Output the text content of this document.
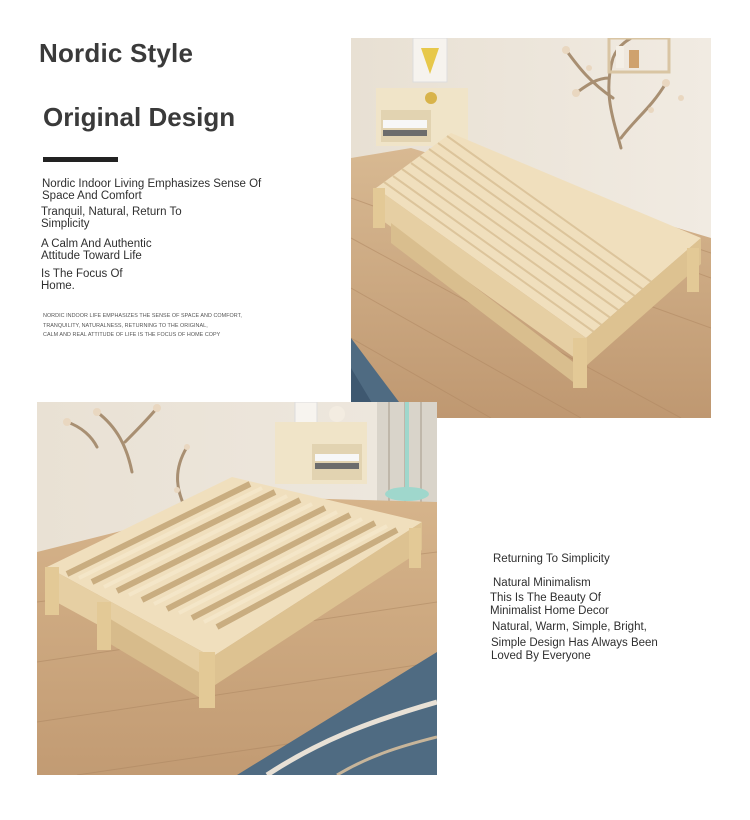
Nordic Style
Original Design
Nordic Indoor Living Emphasizes Sense Of
Space And Comfort
Tranquil, Natural, Return To
Simplicity
A Calm And Authentic
Attitude Toward Life
Is The Focus Of
Home.
NORDIC INDOOR LIFE EMPHASIZES THE SENSE OF SPACE AND COMFORT,
TRANQUILITY, NATURALNESS, RETURNING TO THE ORIGINAL,
CALM AND REAL ATTITUDE OF LIFE IS THE FOCUS OF HOME COPY
Returning To Simplicity
Natural Minimalism
This Is The Beauty Of
Minimalist Home Decor
Natural, Warm, Simple, Bright,
Simple Design Has Always Been
Loved By Everyone
